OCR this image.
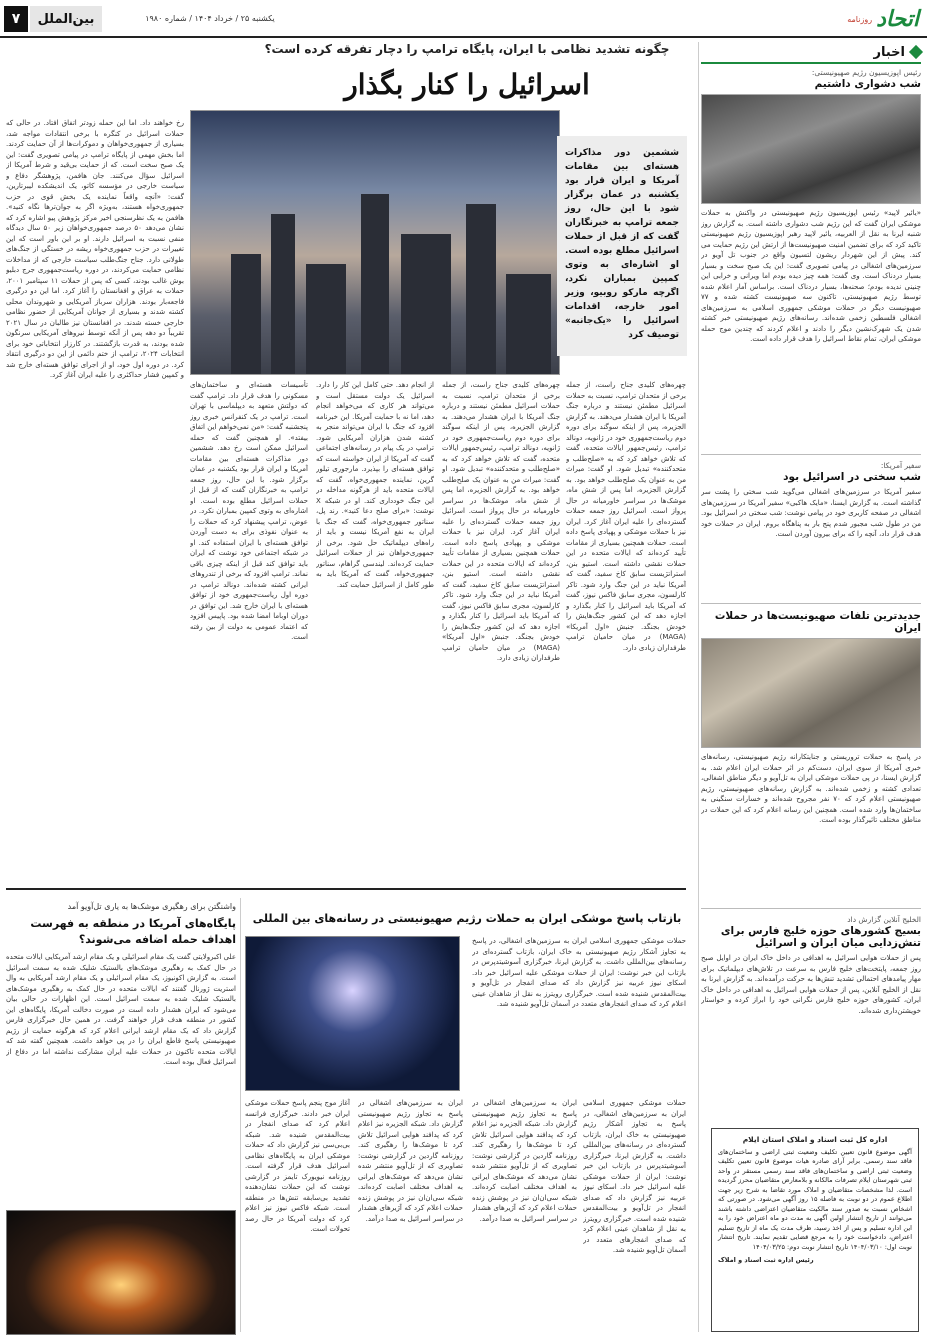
اتحاد
روزنامه
یکشنبه ۲۵ / خرداد ۱۴۰۴ / شماره ۱۹۸۰
بین‌الملل
۷
اخبار
رئیس اپوزیسیون رژیم صهیونیستی:
شب دشواری داشتیم
«یائیر لاپید» رئیس اپوزیسیون رژیم صهیونیستی در واکنش به حملات موشکی ایران گفت که این رژیم شب دشواری داشته است. به گزارش روز شنبه ایرنا به نقل از العربیه، یائیر لاپید رهبر اپوزیسیون رژیم صهیونیستی تاکید کرد که برای تضمین امنیت صهیونیست‌ها از ارتش این رژیم حمایت می کند. پیش از این شهردار ریشون لتسیون واقع در جنوب تل آویو در سرزمین‌های اشغالی در پیامی تصویری گفت: این یک صبح سخت و بسیار بسیار دردناک است. وی گفت: همه چیز دیده بودم اما ویرانی و خرابی این چنینی ندیده بودم؛ صحنه‌ها، بسیار دردناک است. براساس آمار اعلام شده توسط رژیم صهیونیستی، تاکنون سه صهیونیست کشته شده و ۷۷ صهیونیست دیگر در حملات موشکی جمهوری اسلامی به سرزمین‌های اشغالی فلسطین زخمی شده‌اند. رسانه‌های رژیم صهیونیستی خبر کشته شدن یک شهرک‌نشین دیگر را دادند و اعلام کردند که چندین موج حمله موشکی ایران، تمام نقاط اسرائیل را هدف قرار داده است.
سفیر آمریکا:
شب سختی در اسرائیل بود
سفیر آمریکا در سرزمین‌های اشغالی می‌گوید شب سختی را پشت سر گذاشته است. به گزارش ایسنا، «مایک هاکبی» سفیر آمریکا در سرزمین‌های اشغالی در صفحه کاربری خود در پیامی نوشت: شب سختی در اسرائیل بود. من در طول شب مجبور شدم پنج بار به پناهگاه بروم. ایران در حملات خود هدف قرار داد، آنچه را که برای بیرون آوردن است.
جدیدترین تلفات صهیونیست‌ها در حملات ایران
در پاسخ به حملات تروریستی و جنایتکارانه رژیم صهیونیستی، رسانه‌های خبری آمریکا از سوی ایران، دست‌کم در اثر حملات ایران اعلام شد. به گزارش ایسنا، در پی حملات موشکی ایران به تل‌آویو و دیگر مناطق اشغالی، تعدادی کشته و زخمی شده‌اند. به گزارش رسانه‌های صهیونیستی، رژیم صهیونیستی اعلام کرد که ۷۰ نفر مجروح شده‌اند و خسارات سنگینی به ساختمان‌ها وارد شده است. همچنین این رسانه اعلام کرد که این حملات در مناطق مختلف تاثیرگذار بوده است.
الخلیج آنلاین گزارش داد
بسیج کشورهای حوزه خلیج فارس برای تنش‌زدایی میان ایران و اسرائیل
پس از حملات هوایی اسرائیل به اهدافی در داخل خاک ایران در اوایل صبح روز جمعه، پایتخت‌های خلیج فارس به سرعت در تلاش‌های دیپلماتیک برای مهار پیامدهای احتمالی تشدید تنش‌ها به حرکت درآمده‌اند. به گزارش ایرنا به نقل از الخلیج آنلاین، پس از حملات هوایی اسرائیل به اهدافی در داخل خاک ایران، کشورهای حوزه خلیج فارس نگرانی خود را ابراز کرده و خواستار خویشتن‌داری شده‌اند.
چگونه تشدید نظامی با ایران، پایگاه ترامپ را دچار تفرقه کرده است؟
اسرائیل را کنار بگذار
ششمین دور مذاکرات هسته‌ای بین مقامات آمریکا و ایران قرار بود یکشنبه در عمان برگزار شود با این حال، روز جمعه ترامپ به خبرنگاران گفت که از قبل از حملات اسرائیل مطلع بوده است. او اشاره‌ای به وتوی کمپین بمباران نکرد، اگرچه مارکو روبیو، وزیر امور خارجه، اقدامات اسرائیل را «یک‌جانبه» توصیف کرد
رخ خواهند داد. اما این حمله زودتر اتفاق افتاد. در حالی که حملات اسرائیل در کنگره با برخی انتقادات مواجه شد، بسیاری از جمهوری‌خواهان و دموکرات‌ها از آن حمایت کردند. اما بخش مهمی از پایگاه ترامپ در پیامی تصویری گفت: این یک صبح سخت است. که از حمایت بی‌قید و شرط آمریکا از اسرائیل سؤال می‌کنند. جان هافمن، پژوهشگر دفاع و سیاست خارجی در مؤسسه کاتو، یک اندیشکده لیبرتارین، گفت: «آنچه واقعاً نماینده یک بخش قوی در حزب جمهوری‌خواه هستند، به‌ویژه اگر به جوان‌ترها نگاه کنید». هافمن به یک نظرسنجی اخیر مرکز پژوهش پیو اشاره کرد که نشان می‌دهد ۵۰ درصد جمهوری‌خواهان زیر ۵۰ سال دیدگاه منفی نسبت به اسرائیل دارند. او بر این باور است که این تغییرات در حزب جمهوری‌خواه ریشه در خستگی از جنگ‌های طولانی دارد. جناح جنگ‌طلب سیاست خارجی که از مداخلات نظامی حمایت می‌کردند، در دوره ریاست‌جمهوری جرج دبلیو بوش غالب بودند، کسی که پس از حملات ۱۱ سپتامبر ۲۰۰۱، حملات به عراق و افغانستان را آغاز کرد. اما این دو درگیری فاجعه‌بار بودند. هزاران سرباز آمریکایی و شهروندان محلی کشته شدند و بسیاری از جوانان آمریکایی از حضور نظامی خارجی خسته شدند. در افغانستان نیز طالبان در سال ۲۰۲۱ تقریباً دو دهه پس از آنکه توسط نیروهای آمریکایی سرنگون شده بودند، به قدرت بازگشتند. در کارزار انتخاباتی خود برای انتخابات ۲۰۲۴، ترامپ از ختم دائمی از این دو درگیری انتقاد کرد. در دوره اول خود، او از اجرای توافق هسته‌ای خارج شد و کمپین فشار حداکثری را علیه ایران آغاز کرد.
تأسیسات هسته‌ای و ساختمان‌های مسکونی را هدف قرار داد. ترامپ گفت که دولتش متعهد به دیپلماسی با تهران است. ترامپ در یک کنفرانس خبری روز پنجشنبه گفت: «من نمی‌خواهم این اتفاق بیفتد». او همچنین گفت که حمله اسرائیل ممکن است رخ دهد. ششمین دور مذاکرات هسته‌ای بین مقامات آمریکا و ایران قرار بود یکشنبه در عمان برگزار شود. با این حال، روز جمعه ترامپ به خبرنگاران گفت که از قبل از حملات اسرائیل مطلع بوده است. او اشاره‌ای به وتوی کمپین بمباران نکرد. در عوض، ترامپ پیشنهاد کرد که حملات را به عنوان نفوذی برای به دست آوردن توافق هسته‌ای با ایران استفاده کند. او در شبکه اجتماعی خود نوشت که ایران باید توافق کند قبل از اینکه چیزی باقی نماند. ترامپ افزود که برخی از تندروهای ایرانی کشته شده‌اند. دونالد ترامپ در دوره اول ریاست‌جمهوری خود از توافق هسته‌ای با ایران خارج شد. این توافق در دوران اوباما امضا شده بود. پاپیس افزود که اعتماد عمومی به دولت از بین رفته است.
از انجام دهد. حتی کامل این کار را دارد. اسرائیل یک دولت مستقل است و می‌تواند هر کاری که می‌خواهد انجام دهد، اما نه با حمایت آمریکا. این خبرنامه افزود که جنگ با ایران می‌تواند منجر به کشته شدن هزاران آمریکایی شود. ترامپ در یک پیام در رسانه‌های اجتماعی گفت که آمریکا از ایران خواسته است که توافق هسته‌ای را بپذیرد. مارجوری تیلور گرین، نماینده جمهوری‌خواه، گفت که ایالات متحده باید از هرگونه مداخله در این جنگ خودداری کند. او در شبکه X نوشت: «برای صلح دعا کنید». رند پل، سناتور جمهوری‌خواه، گفت که جنگ با ایران به نفع آمریکا نیست و باید از راه‌های دیپلماتیک حل شود. برخی از جمهوری‌خواهان نیز از حملات اسرائیل حمایت کرده‌اند. لیندسی گراهام، سناتور جمهوری‌خواه، گفت که آمریکا باید به طور کامل از اسرائیل حمایت کند.
چهره‌های کلیدی جناح راست، از جمله برخی از متحدان ترامپ، نسبت به حملات اسرائیل مطمئن نیستند و درباره جنگ آمریکا با ایران هشدار می‌دهند. به گزارش الجزیره، پس از اینکه سوگند برای دوره دوم ریاست‌جمهوری خود در ژانویه، دونالد ترامپ، رئیس‌جمهور ایالات متحده، گفت که تلاش خواهد کرد که به «صلح‌طلب و متحدکننده» تبدیل شود. او گفت: میراث من به عنوان یک صلح‌طلب خواهد بود. به گزارش الجزیره، اما پس از شش ماه، موشک‌ها در سراسر خاورمیانه در حال پرواز است. اسرائیل روز جمعه حملات گسترده‌ای را علیه ایران آغاز کرد. ایران نیز با حملات موشکی و پهپادی پاسخ داده است. حملات همچنین بسیاری از مقامات تأیید کرده‌اند که ایالات متحده در این حملات نقشی داشته است. استیو بنن، استراتژیست سابق کاخ سفید، گفت که آمریکا نباید در این جنگ وارد شود. تاکر کارلسون، مجری سابق فاکس نیوز، گفت که آمریکا باید اسرائیل را کنار بگذارد و اجازه دهد که این کشور جنگ‌هایش را خودش بجنگد. جنبش «اول آمریکا» (MAGA) در میان حامیان ترامپ طرفداران زیادی دارد.
چهره‌های کلیدی جناح راست، از جمله برخی از متحدان ترامپ، نسبت به حملات اسرائیل مطمئن نیستند و درباره جنگ آمریکا با ایران هشدار می‌دهند. به گزارش الجزیره، پس از اینکه سوگند برای دوره دوم ریاست‌جمهوری خود در ژانویه، دونالد ترامپ، رئیس‌جمهور ایالات متحده، گفت که تلاش خواهد کرد که به «صلح‌طلب و متحدکننده» تبدیل شود. او گفت: میراث من به عنوان یک صلح‌طلب خواهد بود. به گزارش الجزیره، اما پس از شش ماه، موشک‌ها در سراسر خاورمیانه در حال پرواز است. اسرائیل روز جمعه حملات گسترده‌ای را علیه ایران آغاز کرد. ایران نیز با حملات موشکی و پهپادی پاسخ داده است. حملات همچنین بسیاری از مقامات تأیید کرده‌اند که ایالات متحده در این حملات نقشی داشته است. استیو بنن، استراتژیست سابق کاخ سفید، گفت که آمریکا نباید در این جنگ وارد شود. تاکر کارلسون، مجری سابق فاکس نیوز، گفت که آمریکا باید اسرائیل را کنار بگذارد و اجازه دهد که این کشور جنگ‌هایش را خودش بجنگد. جنبش «اول آمریکا» (MAGA) در میان حامیان ترامپ طرفداران زیادی دارد.
بازتاب پاسخ موشکی ایران به حملات رژیم صهیونیستی در رسانه‌های بین المللی
حملات موشکی جمهوری اسلامی ایران به سرزمین‌های اشغالی، در پاسخ به تجاوز آشکار رژیم صهیونیستی به خاک ایران، بازتاب گسترده‌ای در رسانه‌های بین‌المللی داشت. به گزارش ایرنا، خبرگزاری آسوشیتدپرس در بازتاب این خبر نوشت: ایران از حملات موشکی علیه اسرائیل خبر داد. اسکای نیوز عربیه نیز گزارش داد که صدای انفجار در تل‌آویو و بیت‌المقدس شنیده شده است. خبرگزاری رویترز به نقل از شاهدان عینی اعلام کرد که صدای انفجارهای متعدد در آسمان تل‌آویو شنیده شد.
ایران به سرزمین‌های اشغالی در پاسخ به تجاوز رژیم صهیونیستی گزارش داد. شبکه الجزیره نیز اعلام کرد که پدافند هوایی اسرائیل تلاش کرد تا موشک‌ها را رهگیری کند. روزنامه گاردین در گزارشی نوشت: تصاویری که از تل‌آویو منتشر شده نشان می‌دهد که موشک‌های ایرانی به اهداف مختلف اصابت کرده‌اند. شبکه سی‌ان‌ان نیز در پوشش زنده حملات اعلام کرد که آژیرهای هشدار در سراسر اسرائیل به صدا درآمد.
حملات موشکی جمهوری اسلامی ایران به سرزمین‌های اشغالی، در پاسخ به تجاوز آشکار رژیم صهیونیستی به خاک ایران، بازتاب گسترده‌ای در رسانه‌های بین‌المللی داشت. به گزارش ایرنا، خبرگزاری آسوشیتدپرس در بازتاب این خبر نوشت: ایران از حملات موشکی علیه اسرائیل خبر داد. اسکای نیوز عربیه نیز گزارش داد که صدای انفجار در تل‌آویو و بیت‌المقدس شنیده شده است. خبرگزاری رویترز به نقل از شاهدان عینی اعلام کرد که صدای انفجارهای متعدد در آسمان تل‌آویو شنیده شد.
آغاز موج پنجم پاسخ حملات موشکی ایران خبر دادند. خبرگزاری فرانسه اعلام کرد که صدای انفجار در بیت‌المقدس شنیده شد. شبکه بی‌بی‌سی نیز گزارش داد که حملات موشکی ایران به پایگاه‌های نظامی اسرائیل هدف قرار گرفته است. روزنامه نیویورک تایمز در گزارشی نوشت که این حملات نشان‌دهنده تشدید بی‌سابقه تنش‌ها در منطقه است. شبکه فاکس نیوز نیز اعلام کرد که دولت آمریکا در حال رصد تحولات است.
ایران به سرزمین‌های اشغالی در پاسخ به تجاوز رژیم صهیونیستی گزارش داد. شبکه الجزیره نیز اعلام کرد که پدافند هوایی اسرائیل تلاش کرد تا موشک‌ها را رهگیری کند. روزنامه گاردین در گزارشی نوشت: تصاویری که از تل‌آویو منتشر شده نشان می‌دهد که موشک‌های ایرانی به اهداف مختلف اصابت کرده‌اند. شبکه سی‌ان‌ان نیز در پوشش زنده حملات اعلام کرد که آژیرهای هشدار در سراسر اسرائیل به صدا درآمد.
واشنگتن برای رهگیری موشک‌ها به یاری تل‌آویو آمد
پایگاه‌های آمریکا در منطقه به فهرست اهداف حمله اضافه می‌شوند؟
علی اکبرولایتی گفت یک مقام اسرائیلی و یک مقام ارشد آمریکایی ایالات متحده در حال کمک به رهگیری موشک‌های بالستیک شلیک شده به سمت اسرائیل است. به گزارش اکونیوز، یک مقام اسرائیلی و یک مقام ارشد آمریکایی به وال استریت ژورنال گفتند که ایالات متحده در حال کمک به رهگیری موشک‌های بالستیک شلیک شده به سمت اسرائیل است. این اظهارات در حالی بیان می‌شود که ایران هشدار داده است در صورت دخالت آمریکا، پایگاه‌های این کشور در منطقه هدف قرار خواهند گرفت. در همین حال خبرگزاری فارس گزارش داد که یک مقام ارشد ایرانی اعلام کرد که هرگونه حمایت از رژیم صهیونیستی پاسخ قاطع ایران را در پی خواهد داشت. همچنین گفته شد که ایالات متحده تاکنون در حملات علیه ایران مشارکت نداشته اما در دفاع از اسرائیل فعال بوده است.
اداره کل ثبت اسناد و املاک استان ایلام
آگهی موضوع قانون تعیین تکلیف وضعیت ثبتی اراضی و ساختمان‌های فاقد سند رسمی. برابر آرای صادره هیات موضوع قانون تعیین تکلیف وضعیت ثبتی اراضی و ساختمان‌های فاقد سند رسمی مستقر در واحد ثبتی شهرستان ایلام تصرفات مالکانه و بلامعارض متقاضیان محرز گردیده است. لذا مشخصات متقاضیان و املاک مورد تقاضا به شرح زیر جهت اطلاع عموم در دو نوبت به فاصله ۱۵ روز آگهی می‌شود. در صورتی که اشخاص نسبت به صدور سند مالکیت متقاضیان اعتراضی داشته باشند می‌توانند از تاریخ انتشار اولین آگهی به مدت دو ماه اعتراض خود را به این اداره تسلیم و پس از اخذ رسید، ظرف مدت یک ماه از تاریخ تسلیم اعتراض، دادخواست خود را به مرجع قضایی تقدیم نمایند. تاریخ انتشار نوبت اول: ۱۴۰۴/۰۳/۱۰ تاریخ انتشار نوبت دوم: ۱۴۰۴/۰۳/۲۵
رئیس اداره ثبت اسناد و املاک
